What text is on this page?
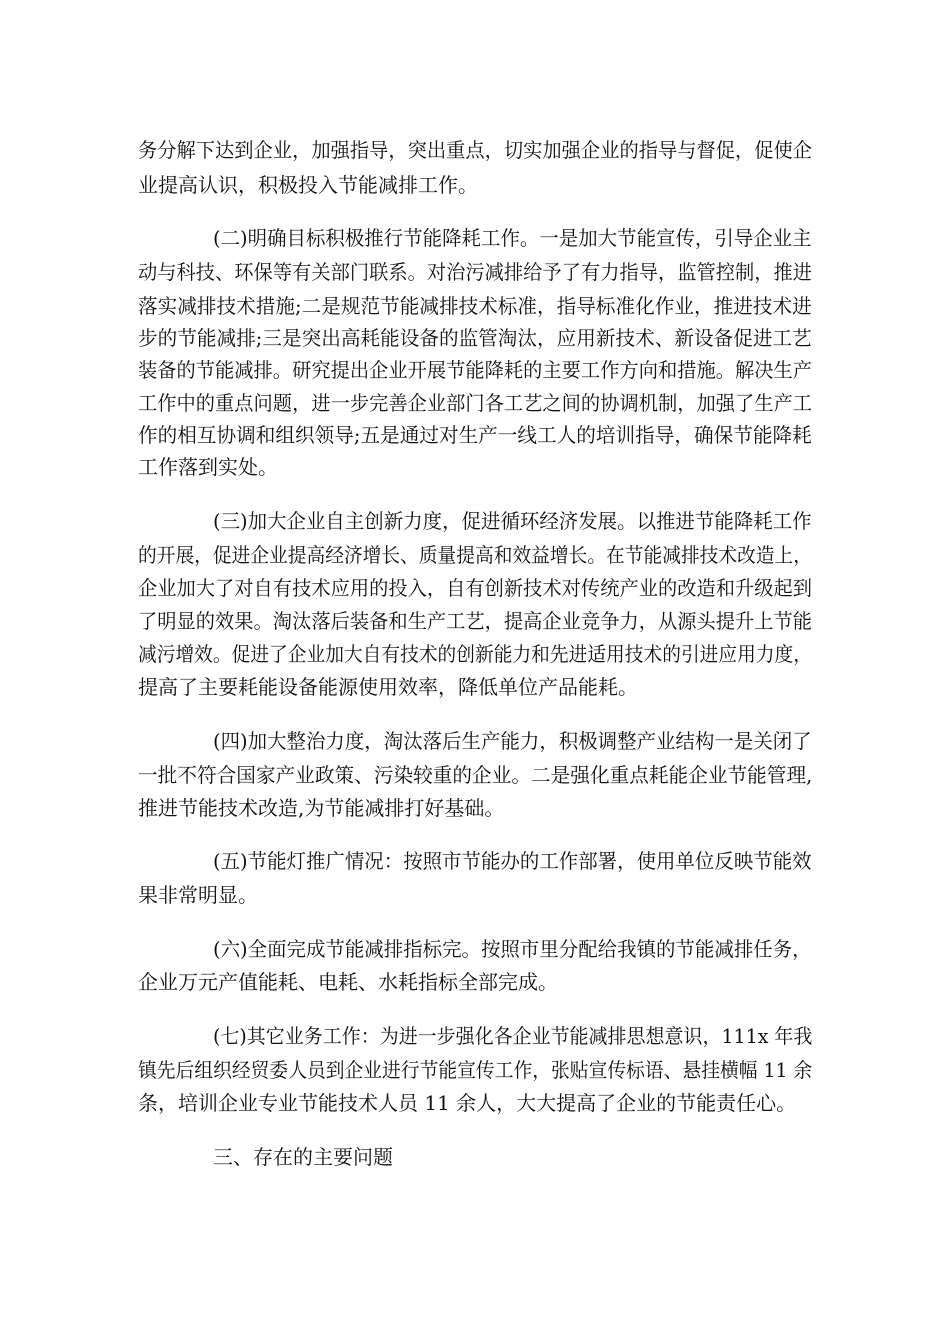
务分解下达到企业，加强指导，突出重点，切实加强企业的指导与督促，促使企
业提高认识，积极投入节能减排工作。
(二)明确目标积极推行节能降耗工作。一是加大节能宣传，引导企业主
动与科技、环保等有关部门联系。对治污减排给予了有力指导，监管控制，推进
落实减排技术措施;二是规范节能减排技术标准，指导标准化作业，推进技术进
步的节能减排;三是突出高耗能设备的监管淘汰，应用新技术、新设备促进工艺
装备的节能减排。研究提出企业开展节能降耗的主要工作方向和措施。解决生产
工作中的重点问题，进一步完善企业部门各工艺之间的协调机制，加强了生产工
作的相互协调和组织领导;五是通过对生产一线工人的培训指导，确保节能降耗
工作落到实处。
(三)加大企业自主创新力度，促进循环经济发展。以推进节能降耗工作
的开展，促进企业提高经济增长、质量提高和效益增长。在节能减排技术改造上，
企业加大了对自有技术应用的投入，自有创新技术对传统产业的改造和升级起到
了明显的效果。淘汰落后装备和生产工艺，提高企业竞争力，从源头提升上节能
减污增效。促进了企业加大自有技术的创新能力和先进适用技术的引进应用力度，
提高了主要耗能设备能源使用效率，降低单位产品能耗。
(四)加大整治力度，淘汰落后生产能力，积极调整产业结构一是关闭了
一批不符合国家产业政策、污染较重的企业。二是强化重点耗能企业节能管理,
推进节能技术改造,为节能减排打好基础。
(五)节能灯推广情况：按照市节能办的工作部署，使用单位反映节能效
果非常明显。
(六)全面完成节能减排指标完。按照市里分配给我镇的节能减排任务，
企业万元产值能耗、电耗、水耗指标全部完成。
(七)其它业务工作：为进一步强化各企业节能减排思想意识，111x 年我
镇先后组织经贸委人员到企业进行节能宣传工作，张贴宣传标语、悬挂横幅 11 余
条，培训企业专业节能技术人员 11 余人，大大提高了企业的节能责任心。
三、存在的主要问题
